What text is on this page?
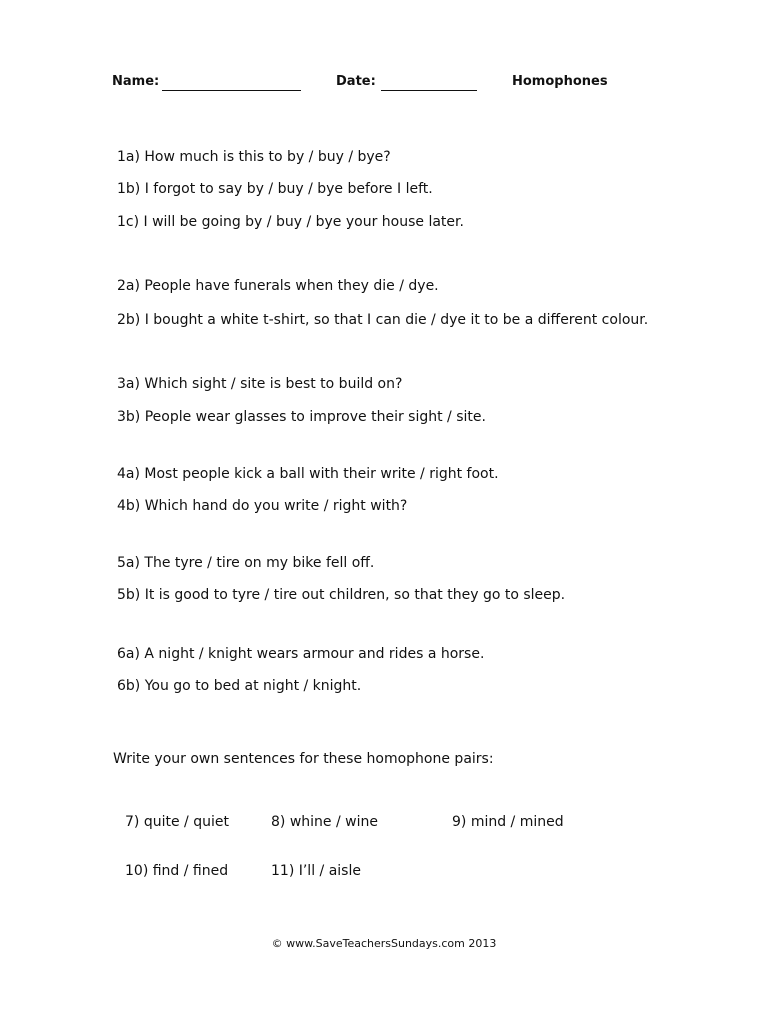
Name:	Date:	Homophones
1a) How much is this to by / buy / bye?
1b) I forgot to say by / buy / bye before I left.
1c) I will be going by / buy / bye your house later.
2a) People have funerals when they die / dye.
2b) I bought a white t-shirt, so that I can die / dye it to be a different colour.
3a) Which sight / site is best to build on?
3b) People wear glasses to improve their sight / site.
4a) Most people kick a ball with their write / right foot.
4b) Which hand do you write / right with?
5a) The tyre / tire on my bike fell off.
5b) It is good to tyre / tire out children, so that they go to sleep.
6a) A night / knight wears armour and rides a horse.
6b) You go to bed at night / knight.
Write your own sentences for these homophone pairs:
7) quite / quiet	8) whine / wine	9) mind / mined
10) find / fined	11) I’ll / aisle
© www.SaveTeachersSundays.com 2013
